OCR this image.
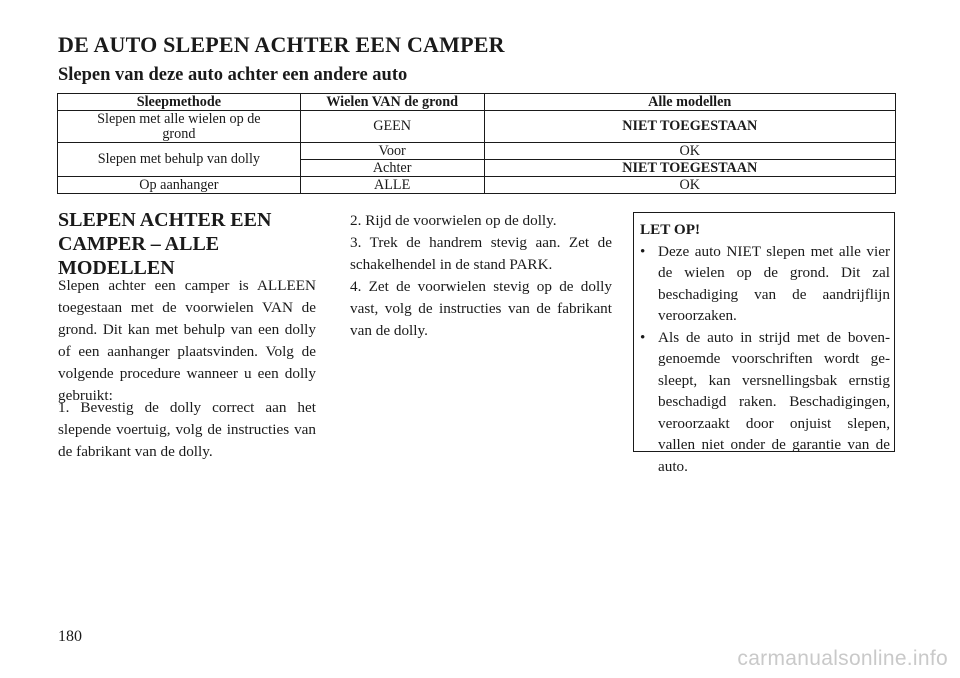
DE AUTO SLEPEN ACHTER EEN CAMPER
Slepen van deze auto achter een andere auto
Sleepmethode	Wielen VAN de grond	Alle modellen
Slepen met alle wielen op de grond	GEEN	NIET TOEGESTAAN
Slepen met behulp van dolly	Voor	OK
	Achter	NIET TOEGESTAAN
Op aanhanger	ALLE	OK
SLEPEN ACHTER EEN CAMPER – ALLE MODELLEN
Slepen achter een camper is ALLEEN toegestaan met de voorwielen VAN de grond. Dit kan met behulp van een dolly of een aanhanger plaatsvinden. Volg de volgende procedure wanneer u een dolly gebruikt:
1. Bevestig de dolly correct aan het slepende voertuig, volg de instructies van de fabrikant van de dolly.
2. Rijd de voorwielen op de dolly.
3. Trek de handrem stevig aan. Zet de schakelhendel in de stand PARK.
4. Zet de voorwielen stevig op de dolly vast, volg de instructies van de fabrikant van de dolly.
LET OP!
• Deze auto NIET slepen met alle vier de wielen op de grond. Dit zal beschadiging van de aandrijflijn veroorzaken.
• Als de auto in strijd met de bovengenoemde voorschriften wordt gesleept, kan versnellingsbak ernstig beschadigd raken. Beschadigingen, veroorzaakt door onjuist slepen, vallen niet onder de garantie van de auto.
180
carmanualsonline.info
